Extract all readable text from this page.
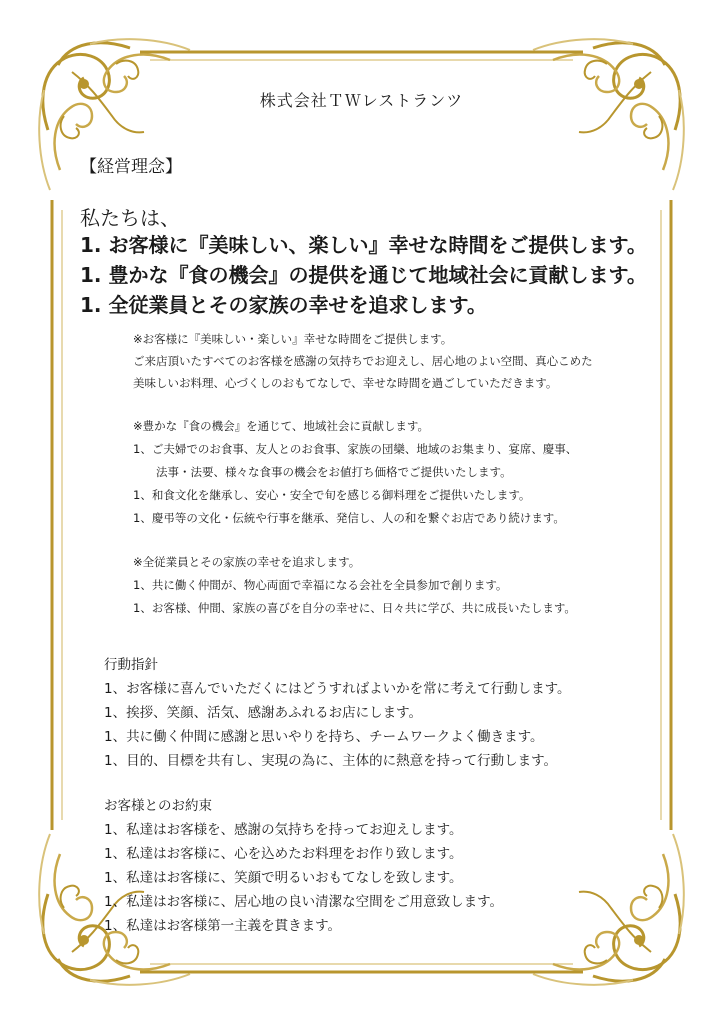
株式会社ＴＷレストランツ
【経営理念】
私たちは、
1. お客様に『美味しい、楽しい』幸せな時間をご提供します。
1. 豊かな『食の機会』の提供を通じて地域社会に貢献します。
1. 全従業員とその家族の幸せを追求します。
※お客様に『美味しい・楽しい』幸せな時間をご提供します。
ご来店頂いたすべてのお客様を感謝の気持ちでお迎えし、居心地のよい空間、真心こめた
美味しいお料理、心づくしのおもてなしで、幸せな時間を過ごしていただきます。
※豊かな『食の機会』を通じて、地域社会に貢献します。
1、ご夫婦でのお食事、友人とのお食事、家族の団欒、地域のお集まり、宴席、慶事、
　　法事・法要、様々な食事の機会をお値打ち価格でご提供いたします。
1、和食文化を継承し、安心・安全で旬を感じる御料理をご提供いたします。
1、慶弔等の文化・伝統や行事を継承、発信し、人の和を繋ぐお店であり続けます。
※全従業員とその家族の幸せを追求します。
1、共に働く仲間が、物心両面で幸福になる会社を全員参加で創ります。
1、お客様、仲間、家族の喜びを自分の幸せに、日々共に学び、共に成長いたします。
行動指針
1、お客様に喜んでいただくにはどうすればよいかを常に考えて行動します。
1、挨拶、笑顔、活気、感謝あふれるお店にします。
1、共に働く仲間に感謝と思いやりを持ち、チームワークよく働きます。
1、目的、目標を共有し、実現の為に、主体的に熱意を持って行動します。
お客様とのお約束
1、私達はお客様を、感謝の気持ちを持ってお迎えします。
1、私達はお客様に、心を込めたお料理をお作り致します。
1、私達はお客様に、笑顔で明るいおもてなしを致します。
1、私達はお客様に、居心地の良い清潔な空間をご用意致します。
1、私達はお客様第一主義を貫きます。
